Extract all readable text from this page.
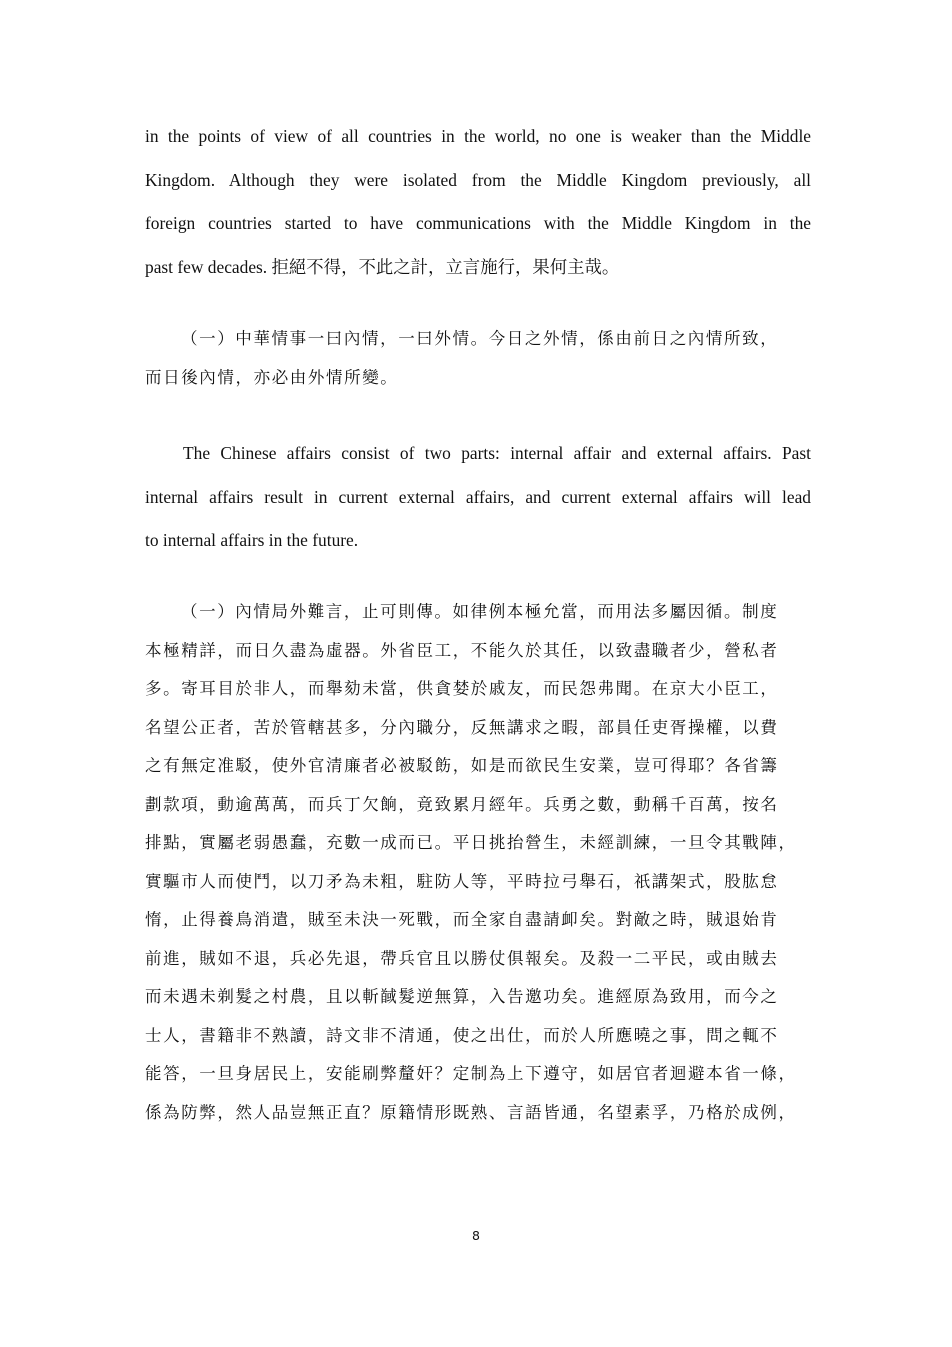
in the points of view of all countries in the world, no one is weaker than the Middle
Kingdom. Although they were isolated from the Middle Kingdom previously, all
foreign countries started to have communications with the Middle Kingdom in the
past few decades. 拒絕不得，不此之計，立言施行，果何主哉。
（一）中華情事一曰內情，一曰外情。今日之外情，係由前日之內情所致，
而日後內情，亦必由外情所變。
The Chinese affairs consist of two parts: internal affair and external affairs. Past
internal affairs result in current external affairs, and current external affairs will lead
to internal affairs in the future.
（一）內情局外難言，止可則傳。如律例本極允當，而用法多屬因循。制度
本極精詳，而日久盡為虛器。外省臣工，不能久於其任，以致盡職者少，營私者
多。寄耳目於非人，而舉劾未當，供貪婪於戚友，而民怨弗聞。在京大小臣工，
名望公正者，苦於管轄甚多，分內職分，反無講求之暇，部員任吏胥操權，以費
之有無定准駁，使外官清廉者必被駁飭，如是而欲民生安業，豈可得耶？各省籌
劃款項，動逾萬萬，而兵丁欠餉，竟致累月經年。兵勇之數，動稱千百萬，按名
排點，實屬老弱愚蠢，充數一成而已。平日挑抬營生，未經訓練，一旦令其戰陣，
實驅市人而使鬥，以刀矛為未粗，駐防人等，平時拉弓舉石，祇講架式，股肱怠
惰，止得養鳥消遣，賊至未決一死戰，而全家自盡請卹矣。對敵之時，賊退始肯
前進，賊如不退，兵必先退，帶兵官且以勝仗俱報矣。及殺一二平民，或由賊去
而未遇未剃髮之村農，且以斬馘髮逆無算，入告邀功矣。進經原為致用，而今之
士人，書籍非不熟讀，詩文非不清通，使之出仕，而於人所應曉之事，問之輒不
能答，一旦身居民上，安能刷弊釐奸？定制為上下遵守，如居官者迴避本省一條，
係為防弊，然人品豈無正直？原籍情形既熟、言語皆通，名望素孚，乃格於成例，
8
